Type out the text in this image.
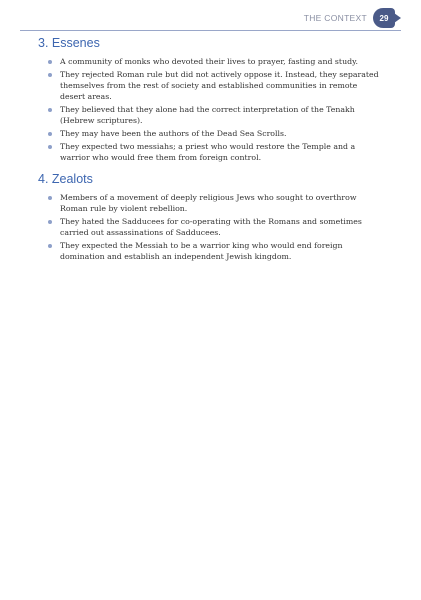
THE CONTEXT 29
3. Essenes
A community of monks who devoted their lives to prayer, fasting and study.
They rejected Roman rule but did not actively oppose it. Instead, they separated themselves from the rest of society and established communities in remote desert areas.
They believed that they alone had the correct interpretation of the Tenakh (Hebrew scriptures).
They may have been the authors of the Dead Sea Scrolls.
They expected two messiahs; a priest who would restore the Temple and a warrior who would free them from foreign control.
4. Zealots
Members of a movement of deeply religious Jews who sought to overthrow Roman rule by violent rebellion.
They hated the Sadducees for co-operating with the Romans and sometimes carried out assassinations of Sadducees.
They expected the Messiah to be a warrior king who would end foreign domination and establish an independent Jewish kingdom.
